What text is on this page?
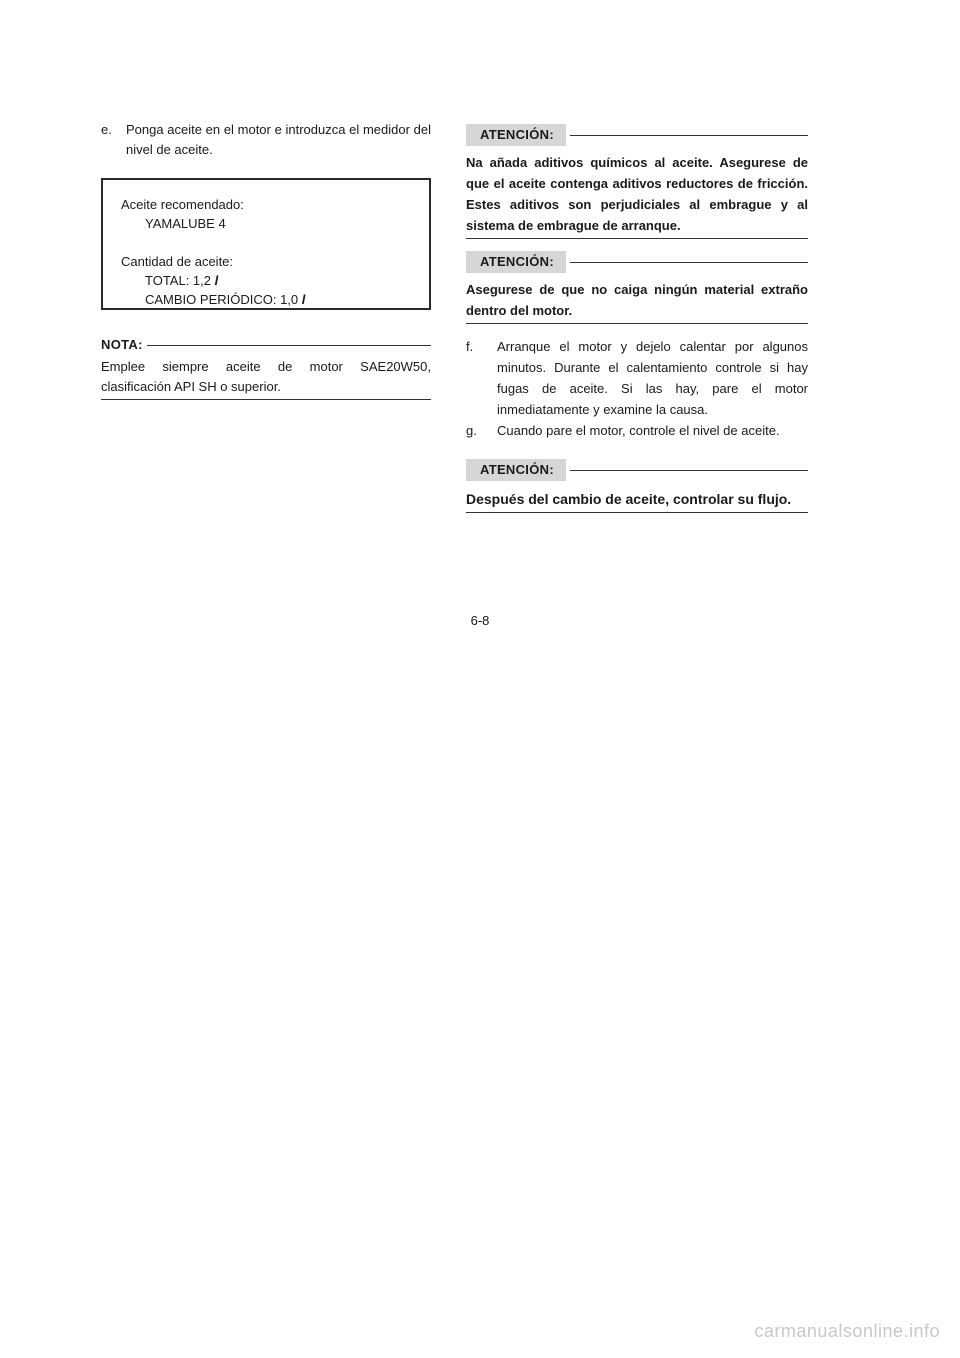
e.	Ponga aceite en el motor e introduzca el medidor del nivel de aceite.
Aceite recomendado:
YAMALUBE 4
Cantidad de aceite:
TOTAL: 1,2 l
CAMBIO PERIÓDICO: 1,0 l
NOTA:
Emplee siempre aceite de motor SAE20W50, clasificación API SH o superior.
ATENCIÓN:
Na añada aditivos químicos al aceite. Asegurese de que el aceite contenga aditivos reductores de fricción. Estes aditivos son perjudiciales al embrague y al sistema de embrague de arranque.
ATENCIÓN:
Asegurese de que no caiga ningún material extraño dentro del motor.
f.	Arranque el motor y dejelo calentar por algunos minutos. Durante el calentamiento controle si hay fugas de aceite. Si las hay, pare el motor inmediatamente y examine la causa.
g.	Cuando pare el motor, controle el nivel de aceite.
ATENCIÓN:
Después del cambio de aceite, controlar su flujo.
6-8
carmanualsonline.info
